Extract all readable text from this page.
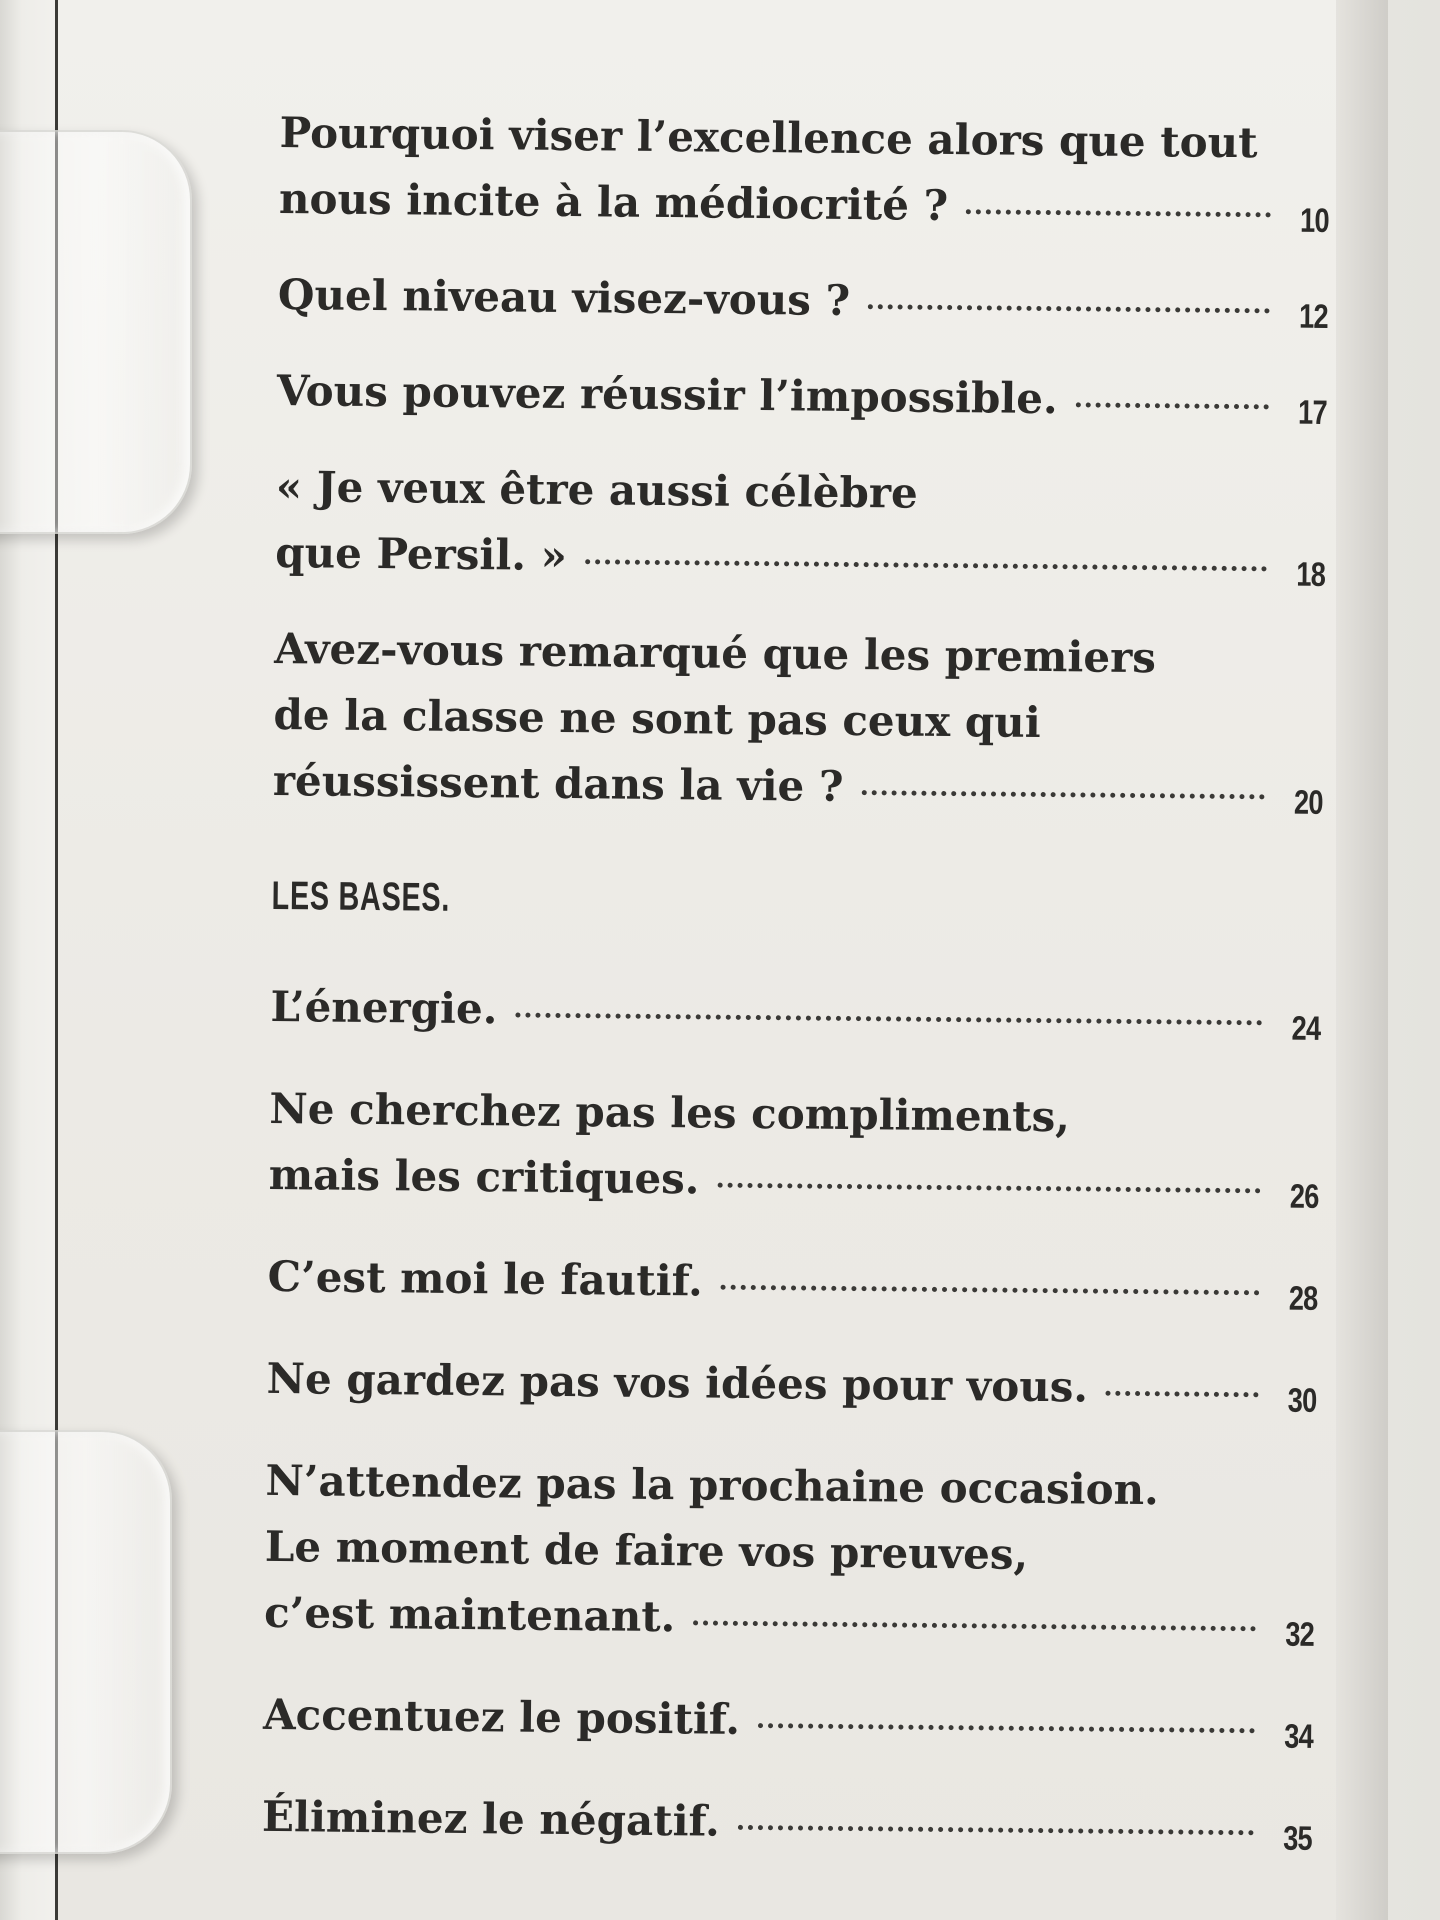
Pourquoi viser l’excellence alors que tout
nous incite à la médiocrité ?	10
Quel niveau visez-vous ?	12
Vous pouvez réussir l’impossible.	17
« Je veux être aussi célèbre
que Persil. »	18
Avez-vous remarqué que les premiers
de la classe ne sont pas ceux qui
réussissent dans la vie ?	20
LES BASES.
L’énergie.	24
Ne cherchez pas les compliments,
mais les critiques.	26
C’est moi le fautif.	28
Ne gardez pas vos idées pour vous.	30
N’attendez pas la prochaine occasion.
Le moment de faire vos preuves,
c’est maintenant.	32
Accentuez le positif.	34
Éliminez le négatif.	35
